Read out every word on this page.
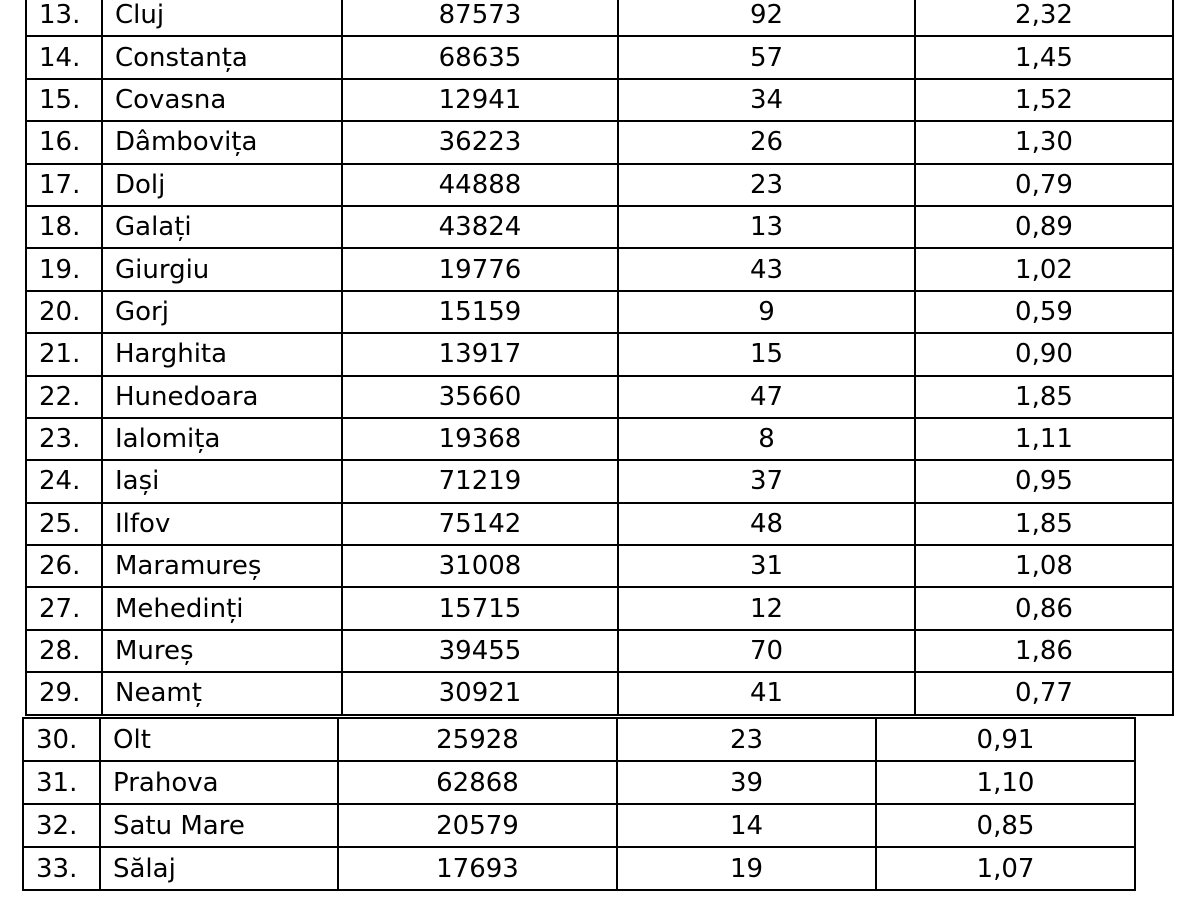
13.	Cluj	87573	92	2,32
14.	Constanța	68635	57	1,45
15.	Covasna	12941	34	1,52
16.	Dâmbovița	36223	26	1,30
17.	Dolj	44888	23	0,79
18.	Galați	43824	13	0,89
19.	Giurgiu	19776	43	1,02
20.	Gorj	15159	9	0,59
21.	Harghita	13917	15	0,90
22.	Hunedoara	35660	47	1,85
23.	Ialomița	19368	8	1,11
24.	Iași	71219	37	0,95
25.	Ilfov	75142	48	1,85
26.	Maramureș	31008	31	1,08
27.	Mehedinți	15715	12	0,86
28.	Mureș	39455	70	1,86
29.	Neamț	30921	41	0,77
30.	Olt	25928	23	0,91
31.	Prahova	62868	39	1,10
32.	Satu Mare	20579	14	0,85
33.	Sălaj	17693	19	1,07
